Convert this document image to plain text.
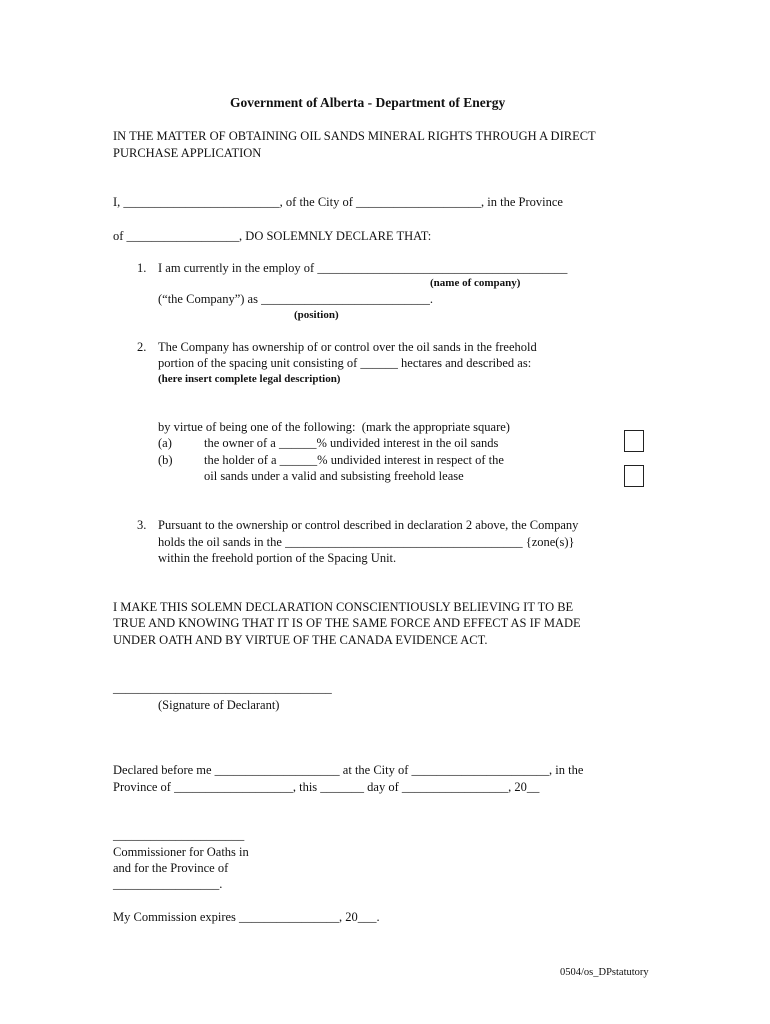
Government of Alberta - Department of Energy
IN THE MATTER OF OBTAINING OIL SANDS MINERAL RIGHTS THROUGH A DIRECT
PURCHASE APPLICATION
I, _________________________, of the City of ____________________, in the Province
of __________________, DO SOLEMNLY DECLARE THAT:
1. I am currently in the employ of ________________________________________
(name of company)
(“the Company”) as ___________________________.
(position)
2. The Company has ownership of or control over the oil sands in the freehold
portion of the spacing unit consisting of ______ hectares and described as:
(here insert complete legal description)
by virtue of being one of the following:  (mark the appropriate square)
(a)	the owner of a ______% undivided interest in the oil sands
(b)	the holder of a ______% undivided interest in respect of the
oil sands under a valid and subsisting freehold lease
3. Pursuant to the ownership or control described in declaration 2 above, the Company
holds the oil sands in the ______________________________________ {zone(s)}
within the freehold portion of the Spacing Unit.
I MAKE THIS SOLEMN DECLARATION CONSCIENTIOUSLY BELIEVING IT TO BE
TRUE AND KNOWING THAT IT IS OF THE SAME FORCE AND EFFECT AS IF MADE
UNDER OATH AND BY VIRTUE OF THE CANADA EVIDENCE ACT.
___________________________________
(Signature of Declarant)
Declared before me ____________________ at the City of ______________________, in the
Province of ___________________, this _______ day of _________________, 20__
_____________________
Commissioner for Oaths in
and for the Province of
_________________.
My Commission expires ________________, 20___.
0504/os_DPstatutory
